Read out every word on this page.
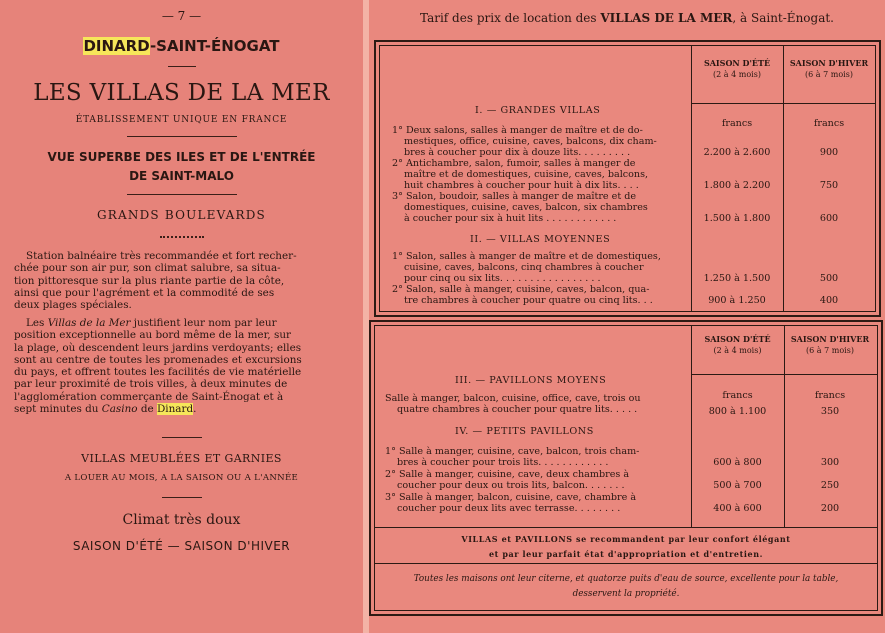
— 7 —
DINARD-SAINT-ÉNOGAT
LES VILLAS DE LA MER
ÉTABLISSEMENT UNIQUE EN FRANCE
VUE SUPERBE DES ILES ET DE L'ENTRÉE
DE SAINT-MALO
GRANDS BOULEVARDS
Station balnéaire très recommandée et fort recher-
chée pour son air pur, son climat salubre, sa situa-
tion pittoresque sur la plus riante partie de la côte,
ainsi que pour l'agrément et la commodité de ses
deux plages spéciales.
Les Villas de la Mer justifient leur nom par leur
position exceptionnelle au bord même de la mer, sur
la plage, où descendent leurs jardins verdoyants; elles
sont au centre de toutes les promenades et excursions
du pays, et offrent toutes les facilités de vie matérielle
par leur proximité de trois villes, à deux minutes de
l'agglomération commerçante de Saint-Énogat et à
sept minutes du Casino de Dinard.
VILLAS MEUBLÉES ET GARNIES
A LOUER AU MOIS, A LA SAISON OU A L'ANNÉE
Climat très doux
SAISON D'ÉTÉ — SAISON D'HIVER
Tarif des prix de location des VILLAS DE LA MER, à Saint-Énogat.
SAISON D'ÉTÉ
(2 à 4 mois)
SAISON D'HIVER
(6 à 7 mois)
I. — GRANDES VILLAS
francs	francs
1° Deux salons, salles à manger de maître et de do-
mestiques, office, cuisine, caves, balcons, dix cham-
bres à coucher pour dix à douze lits. . . . . . . . .	2.200 à 2.600	900
2° Antichambre, salon, fumoir, salles à manger de
maître et de domestiques, cuisine, caves, balcons,
huit chambres à coucher pour huit à dix lits. . . .	1.800 à 2.200	750
3° Salon, boudoir, salles à manger de maître et de
domestiques, cuisine, caves, balcon, six chambres
à coucher pour six à huit lits . . . . . . . . . . . .	1.500 à 1.800	600
II. — VILLAS MOYENNES
1° Salon, salles à manger de maître et de domestiques,
cuisine, caves, balcons, cinq chambres à coucher
pour cinq ou six lits. . . . . . . . . . . . . . . . .	1.250 à 1.500	500
2° Salon, salle à manger, cuisine, caves, balcon, qua-
tre chambres à coucher pour quatre ou cinq lits. . .	900 à 1.250	400
SAISON D'ÉTÉ
(2 à 4 mois)
SAISON D'HIVER
(6 à 7 mois)
III. — PAVILLONS MOYENS
francs	francs
Salle à manger, balcon, cuisine, office, cave, trois ou
quatre chambres à coucher pour quatre lits. . . . .	800 à 1.100	350
IV. — PETITS PAVILLONS
1° Salle à manger, cuisine, cave, balcon, trois cham-
bres à coucher pour trois lits. . . . . . . . . . . .	600 à 800	300
2° Salle à manger, cuisine, cave, deux chambres à
coucher pour deux ou trois lits, balcon. . . . . . .	500 à 700	250
3° Salle à manger, balcon, cuisine, cave, chambre à
coucher pour deux lits avec terrasse. . . . . . . .	400 à 600	200
VILLAS et PAVILLONS se recommandent par leur confort élégant
et par leur parfait état d'appropriation et d'entretien.
Toutes les maisons ont leur citerne, et quatorze puits d'eau de source, excellente pour la table,
desservent la propriété.
